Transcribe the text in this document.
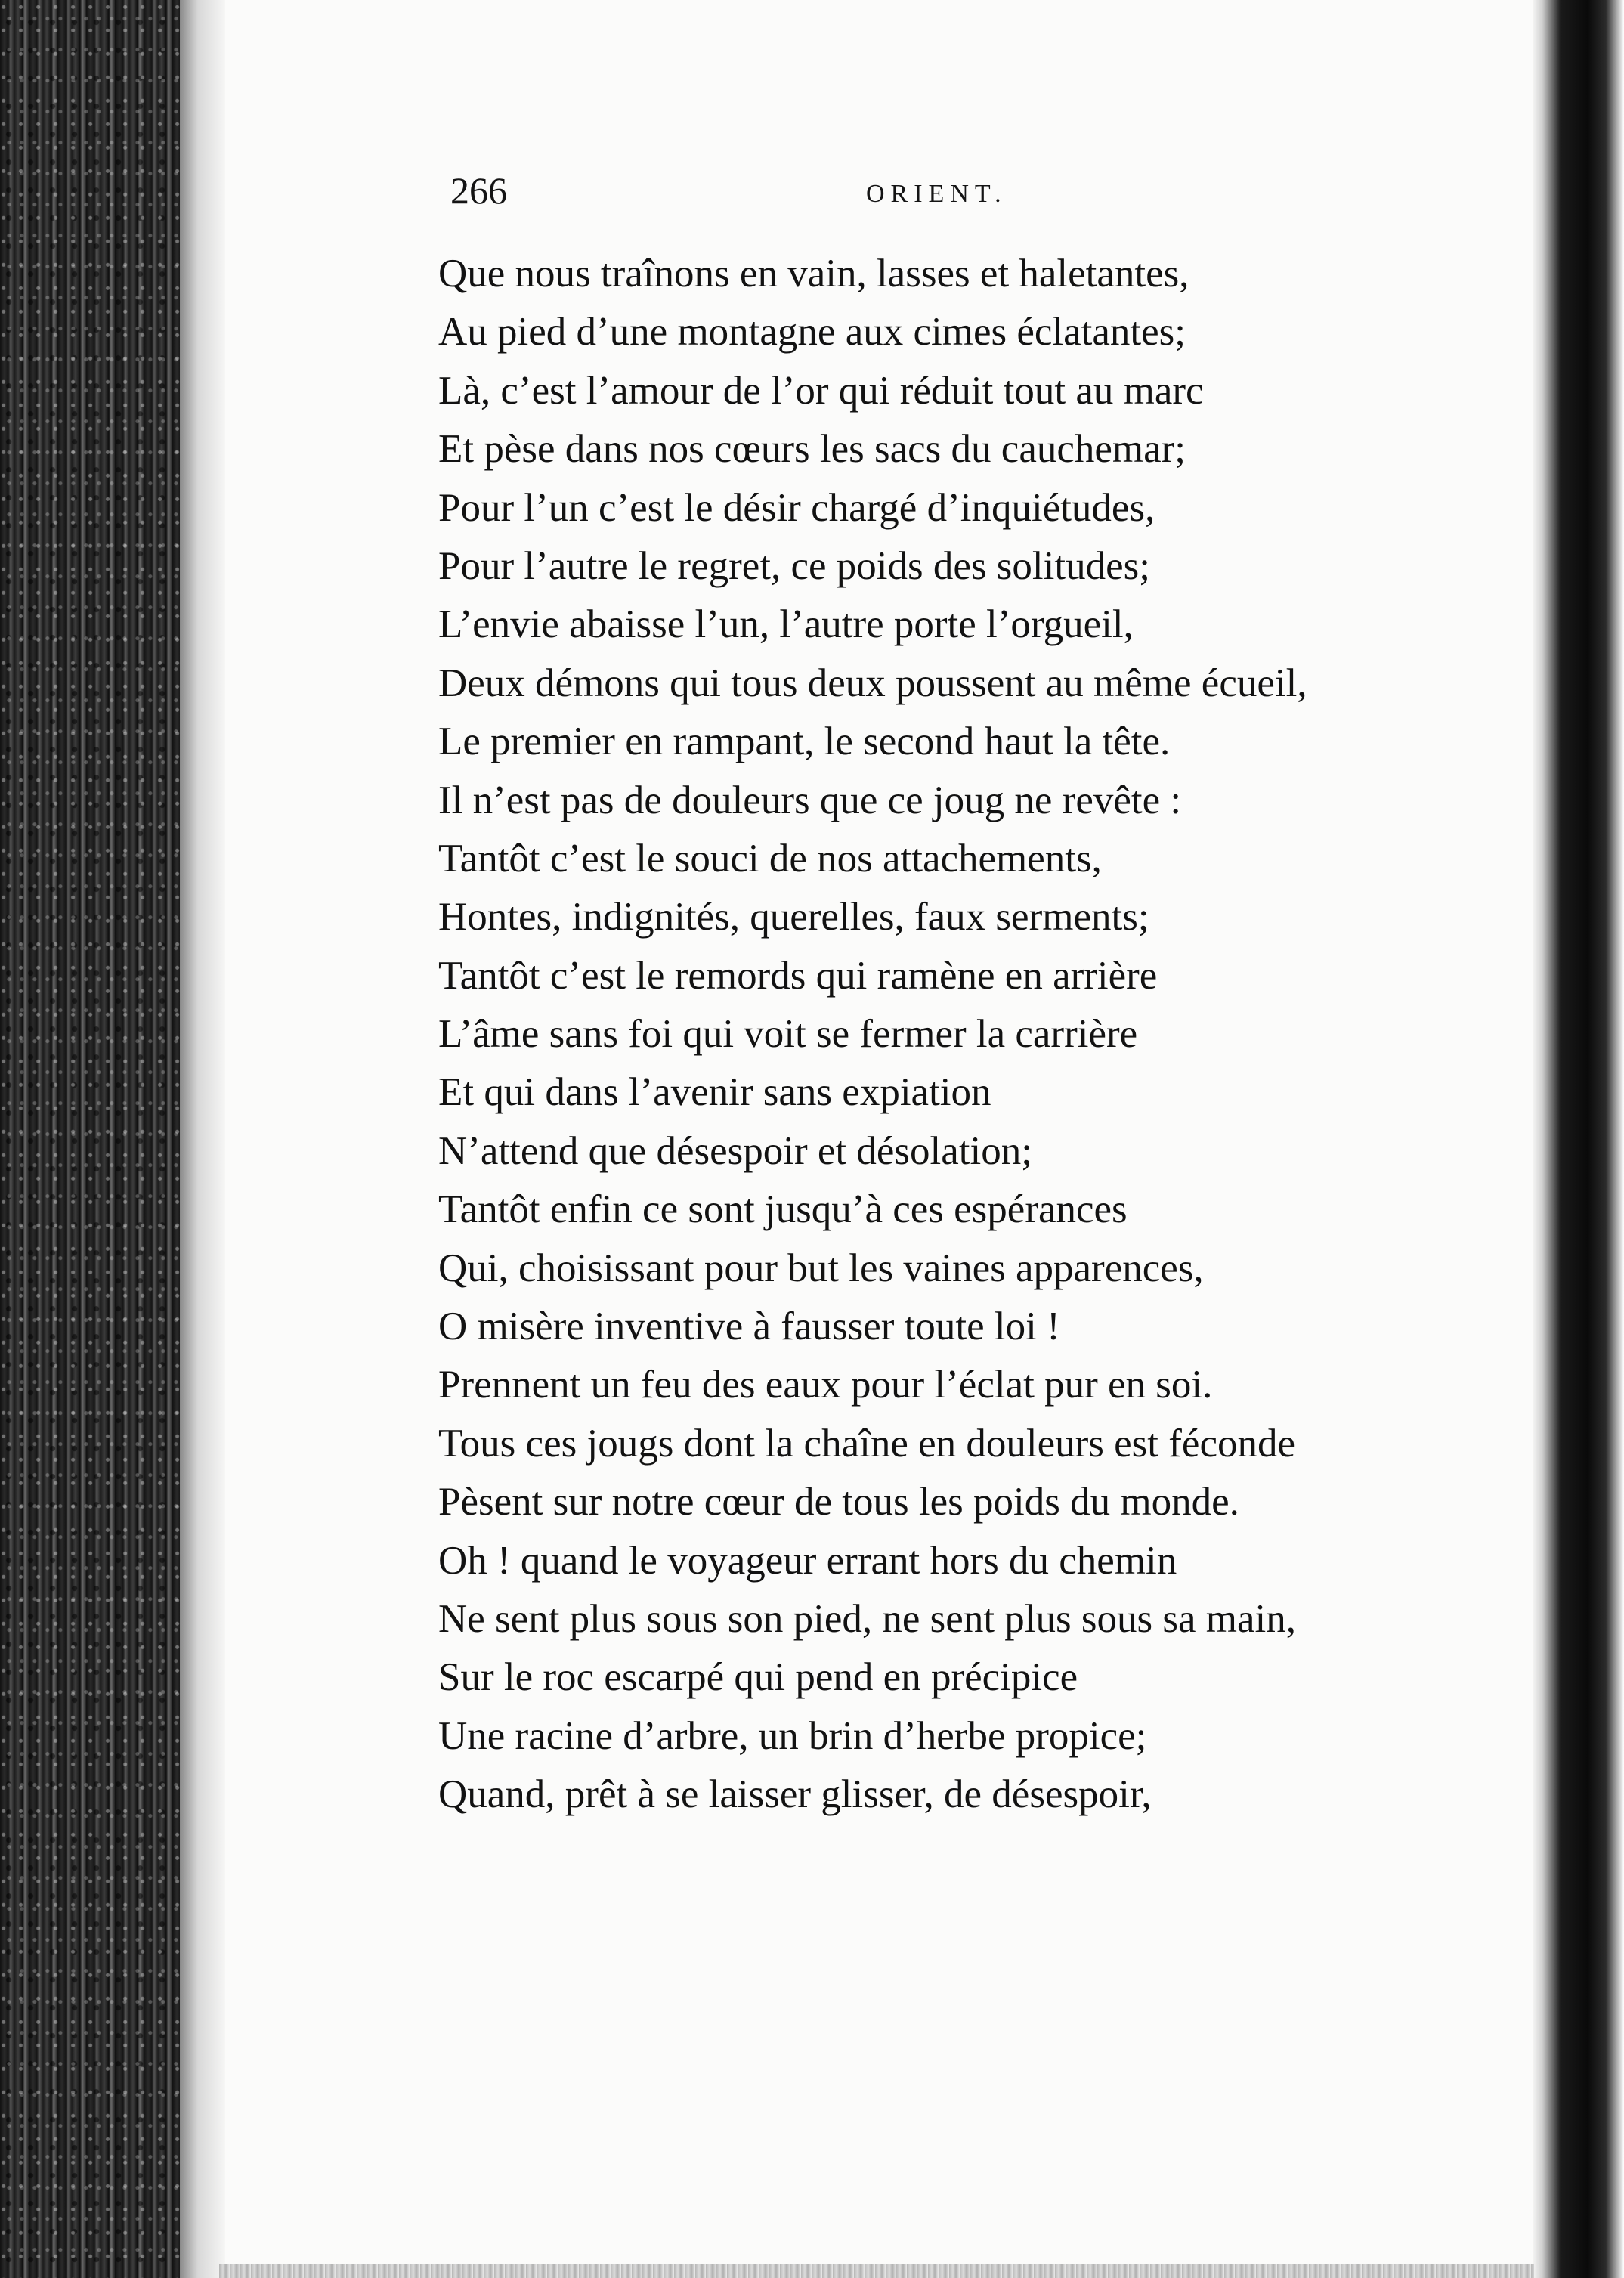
266	ORIENT.
Que nous traînons en vain, lasses et haletantes,
Au pied d’une montagne aux cimes éclatantes;
Là, c’est l’amour de l’or qui réduit tout au marc
Et pèse dans nos cœurs les sacs du cauchemar;
Pour l’un c’est le désir chargé d’inquiétudes,
Pour l’autre le regret, ce poids des solitudes;
L’envie abaisse l’un, l’autre porte l’orgueil,
Deux démons qui tous deux poussent au même écueil,
Le premier en rampant, le second haut la tête.
Il n’est pas de douleurs que ce joug ne revête :
Tantôt c’est le souci de nos attachements,
Hontes, indignités, querelles, faux serments;
Tantôt c’est le remords qui ramène en arrière
L’âme sans foi qui voit se fermer la carrière
Et qui dans l’avenir sans expiation
N’attend que désespoir et désolation;
Tantôt enfin ce sont jusqu’à ces espérances
Qui, choisissant pour but les vaines apparences,
O misère inventive à fausser toute loi !
Prennent un feu des eaux pour l’éclat pur en soi.
Tous ces jougs dont la chaîne en douleurs est féconde
Pèsent sur notre cœur de tous les poids du monde.
Oh ! quand le voyageur errant hors du chemin
Ne sent plus sous son pied, ne sent plus sous sa main,
Sur le roc escarpé qui pend en précipice
Une racine d’arbre, un brin d’herbe propice;
Quand, prêt à se laisser glisser, de désespoir,
